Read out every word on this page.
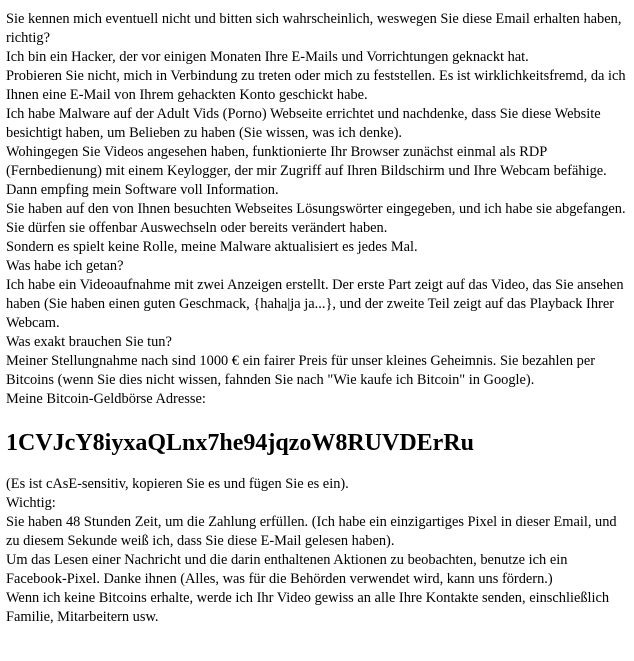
Sie kennen mich eventuell nicht und bitten sich wahrscheinlich, weswegen Sie diese Email erhalten haben, richtig?

Ich bin ein Hacker, der vor einigen Monaten Ihre E-Mails und Vorrichtungen geknackt hat.

Probieren Sie nicht, mich in Verbindung zu treten oder mich zu feststellen. Es ist wirklichkeitsfremd, da ich Ihnen eine E-Mail von Ihrem gehackten Konto geschickt habe.

Ich habe Malware auf der Adult Vids (Porno) Webseite errichtet und nachdenke, dass Sie diese Website besichtigt haben, um Belieben zu haben (Sie wissen, was ich denke).

Wohingegen Sie Videos angesehen haben, funktionierte Ihr Browser zunächst einmal als RDP (Fernbedienung) mit einem Keylogger, der mir Zugriff auf Ihren Bildschirm und Ihre Webcam befähige.

Dann empfing mein Software voll Information.

Sie haben auf den von Ihnen besuchten Webseites Lösungswörter eingegeben, und ich habe sie abgefangen.

Sie dürfen sie offenbar Auswechseln oder bereits verändert haben.

Sondern es spielt keine Rolle, meine Malware aktualisiert es jedes Mal.

Was habe ich getan?

Ich habe ein Videoaufnahme mit zwei Anzeigen erstellt. Der erste Part zeigt auf das Video, das Sie ansehen haben (Sie haben einen guten Geschmack, {haha|ja ja...}, und der zweite Teil zeigt auf das Playback Ihrer Webcam.

Was exakt brauchen Sie tun?

Meiner Stellungnahme nach sind 1000 € ein fairer Preis für unser kleines Geheimnis. Sie bezahlen per Bitcoins (wenn Sie dies nicht wissen, fahnden Sie nach "Wie kaufe ich Bitcoin" in Google).

Meine Bitcoin-Geldbörse Adresse:

1CVJcY8iyxaQLnx7he94jqzoW8RUVDErRu

(Es ist cAsE-sensitiv, kopieren Sie es und fügen Sie es ein).

Wichtig:

Sie haben 48 Stunden Zeit, um die Zahlung erfüllen. (Ich habe ein einzigartiges Pixel in dieser Email, und zu diesem Sekunde weiß ich, dass Sie diese E-Mail gelesen haben).

Um das Lesen einer Nachricht und die darin enthaltenen Aktionen zu beobachten, benutze ich ein Facebook-Pixel. Danke ihnen (Alles, was für die Behörden verwendet wird, kann uns fördern.)

Wenn ich keine Bitcoins erhalte, werde ich Ihr Video gewiss an alle Ihre Kontakte senden, einschließlich Familie, Mitarbeitern usw.
